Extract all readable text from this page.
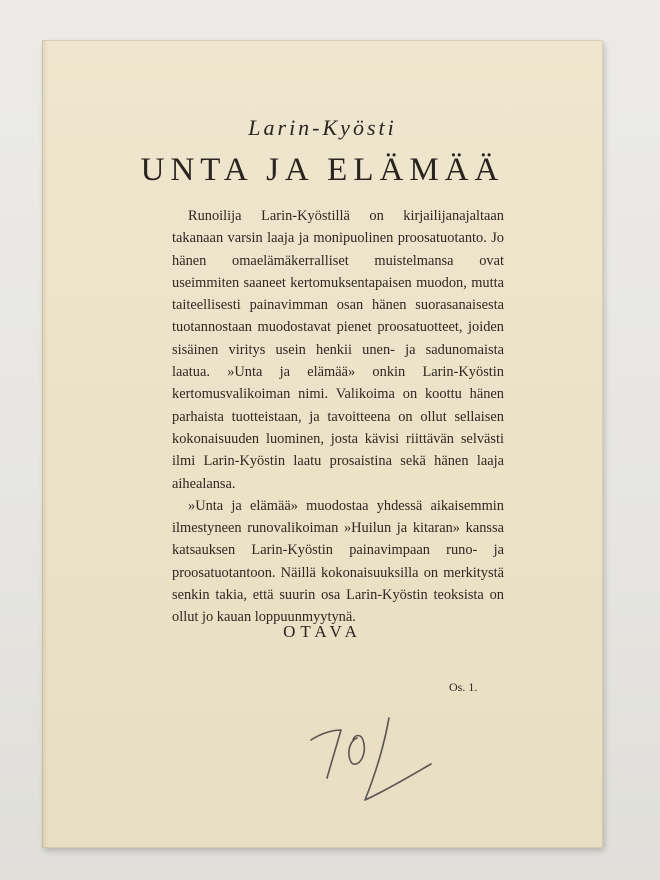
Larin-Kyösti
UNTA JA ELÄMÄÄ

Runoilija Larin-Kyöstillä on kirjailijanajaltaan takanaan varsin laaja ja monipuolinen proosatuotanto. Jo hänen omaelämäkerralliset muistelmansa ovat useimmiten saaneet kertomuksentapaisen muodon, mutta taiteellisesti painavimman osan hänen suorasanaisesta tuotannostaan muodostavat pienet proosatuotteet, joiden sisäinen viritys usein henkii unen- ja sadunomaista laatua. »Unta ja elämää» onkin Larin-Kyöstin kertomusvalikoiman nimi. Valikoima on koottu hänen parhaista tuotteistaan, ja tavoitteena on ollut sellaisen kokonaisuuden luominen, josta kävisi riittävän selvästi ilmi Larin-Kyöstin laatu prosaistina sekä hänen laaja aihealansa.

»Unta ja elämää» muodostaa yhdessä aikaisemmin ilmestyneen runovalikoiman »Huilun ja kitaran» kanssa katsauksen Larin-Kyöstin painavimpaan runo- ja proosatuotantoon. Näillä kokonaisuuksilla on merkitystä senkin takia, että suurin osa Larin-Kyöstin teoksista on ollut jo kauan loppuunmyytynä.

OTAVA
Os. 1.
